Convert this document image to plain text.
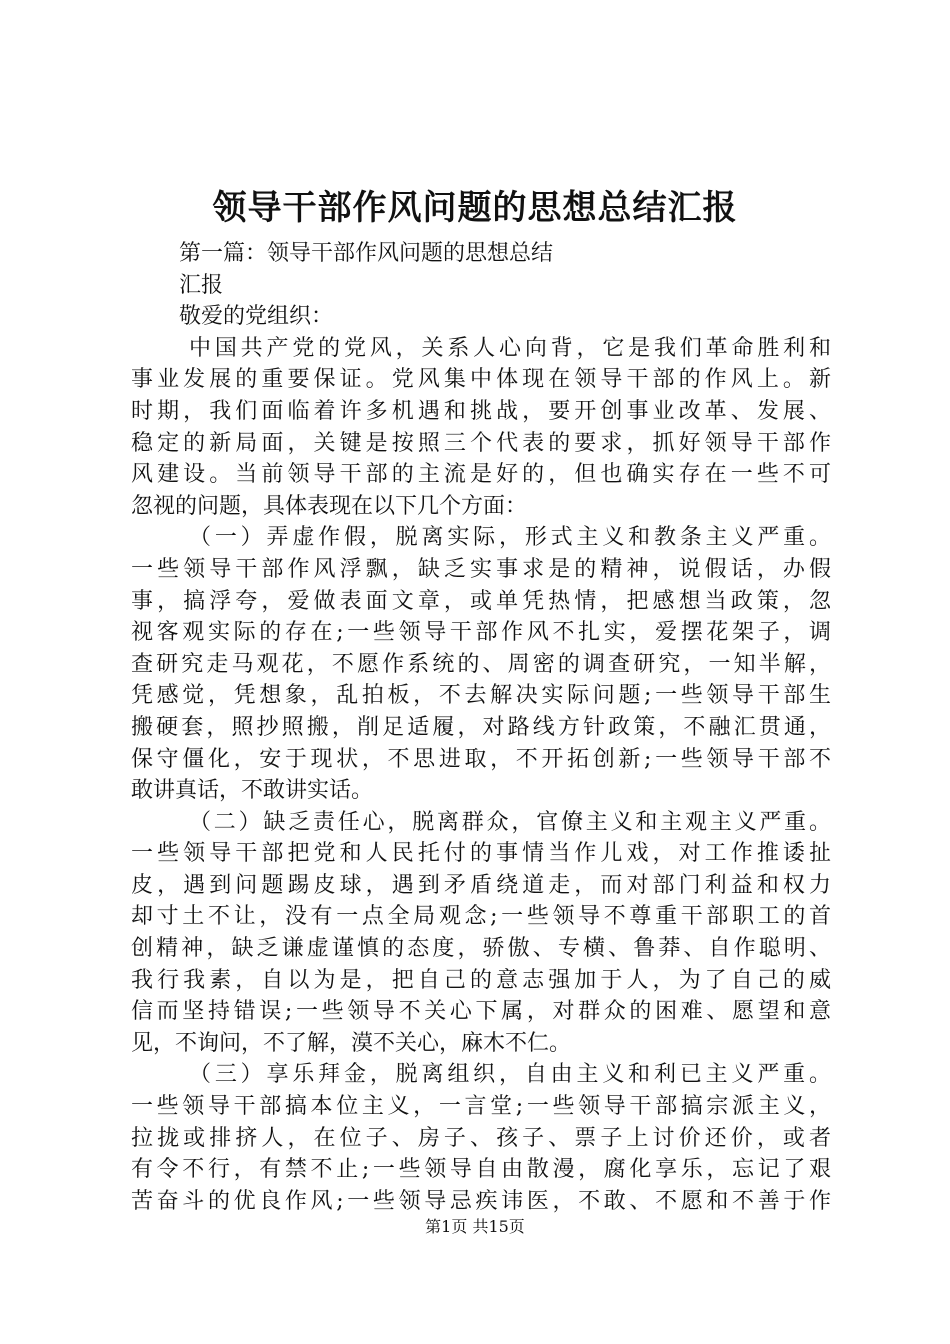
领导干部作风问题的思想总结汇报

第一篇：领导干部作风问题的思想总结

汇报

敬爱的党组织：

中国共产党的党风，关系人心向背，它是我们革命胜利和

事业发展的重要保证。党风集中体现在领导干部的作风上。新

时期，我们面临着许多机遇和挑战，要开创事业改革、发展、

稳定的新局面，关键是按照三个代表的要求，抓好领导干部作

风建设。当前领导干部的主流是好的，但也确实存在一些不可

忽视的问题，具体表现在以下几个方面：

（一）弄虚作假，脱离实际，形式主义和教条主义严重。

一些领导干部作风浮飘，缺乏实事求是的精神，说假话，办假

事，搞浮夸，爱做表面文章，或单凭热情，把感想当政策，忽

视客观实际的存在;一些领导干部作风不扎实，爱摆花架子，调

查研究走马观花，不愿作系统的、周密的调查研究，一知半解，

凭感觉，凭想象，乱拍板，不去解决实际问题;一些领导干部生

搬硬套，照抄照搬，削足适履，对路线方针政策，不融汇贯通，

保守僵化，安于现状，不思进取，不开拓创新;一些领导干部不

敢讲真话，不敢讲实话。

（二）缺乏责任心，脱离群众，官僚主义和主观主义严重。

一些领导干部把党和人民托付的事情当作儿戏，对工作推诿扯

皮，遇到问题踢皮球，遇到矛盾绕道走，而对部门利益和权力

却寸土不让，没有一点全局观念;一些领导不尊重干部职工的首

创精神，缺乏谦虚谨慎的态度，骄傲、专横、鲁莽、自作聪明、

我行我素，自以为是，把自己的意志强加于人，为了自己的威

信而坚持错误;一些领导不关心下属，对群众的困难、愿望和意

见，不询问，不了解，漠不关心，麻木不仁。

（三）享乐拜金，脱离组织，自由主义和利已主义严重。

一些领导干部搞本位主义，一言堂;一些领导干部搞宗派主义，

拉拢或排挤人，在位子、房子、孩子、票子上讨价还价，或者

有令不行，有禁不止;一些领导自由散漫，腐化享乐，忘记了艰

苦奋斗的优良作风;一些领导忌疾讳医，不敢、不愿和不善于作

第1页 共15页
